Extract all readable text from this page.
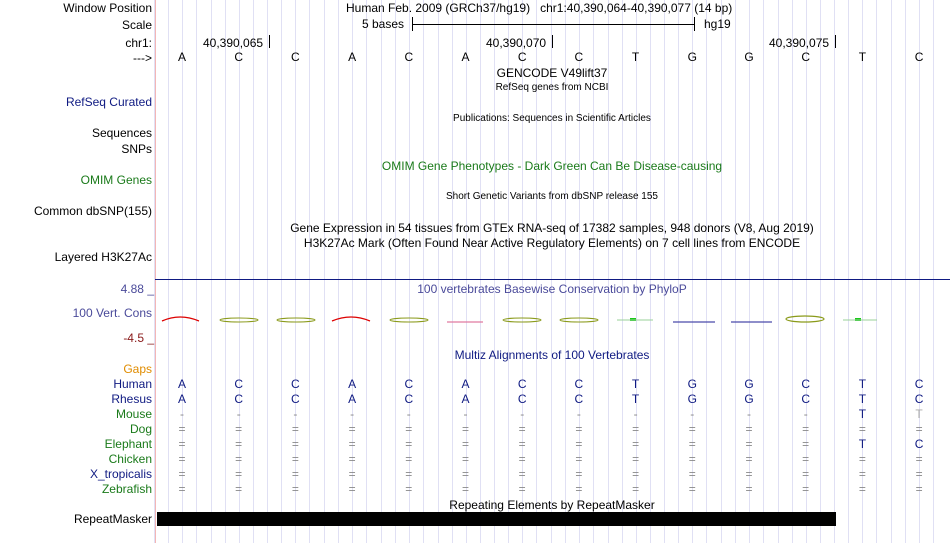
Window Position	Human Feb. 2009 (GRCh37/hg19)   chr1:40,390,064-40,390,077 (14 bp)
Scale	5 bases	hg19
chr1:	40,390,065	40,390,070	40,390,075
---> A	C	C	A	C	A	C	C	T	G	G	C	T	C
GENCODE V49lift37
RefSeq genes from NCBI
RefSeq Curated
Publications: Sequences in Scientific Articles
Sequences
SNPs
OMIM Gene Phenotypes - Dark Green Can Be Disease-causing
OMIM Genes
Short Genetic Variants from dbSNP release 155
Common dbSNP(155)
Gene Expression in 54 tissues from GTEx RNA-seq of 17382 samples, 948 donors (V8, Aug 2019)
H3K27Ac Mark (Often Found Near Active Regulatory Elements) on 7 cell lines from ENCODE
Layered H3K27Ac
4.88 _	100 vertebrates Basewise Conservation by PhyloP
100 Vert. Cons
-4.5 _
Multiz Alignments of 100 Vertebrates
Gaps
Human A	C	C	A	C	A	C	C	T	G	G	C	T	C
Rhesus A	C	C	A	C	A	C	C	T	G	G	C	T	C
Mouse	-	-	-	-	-	-	-	-	-	-	-	-	T	T
Dog =	=	=	=	=	=	=	=	=	=	=	=	=	=
Elephant =	=	=	=	=	=	=	=	=	=	=	=	T	C
Chicken =	=	=	=	=	=	=	=	=	=	=	=	=	=
X_tropicalis =	=	=	=	=	=	=	=	=	=	=	=	=	=
Zebrafish =	=	=	=	=	=	=	=	=	=	=	=	=	=
Repeating Elements by RepeatMasker
RepeatMasker
